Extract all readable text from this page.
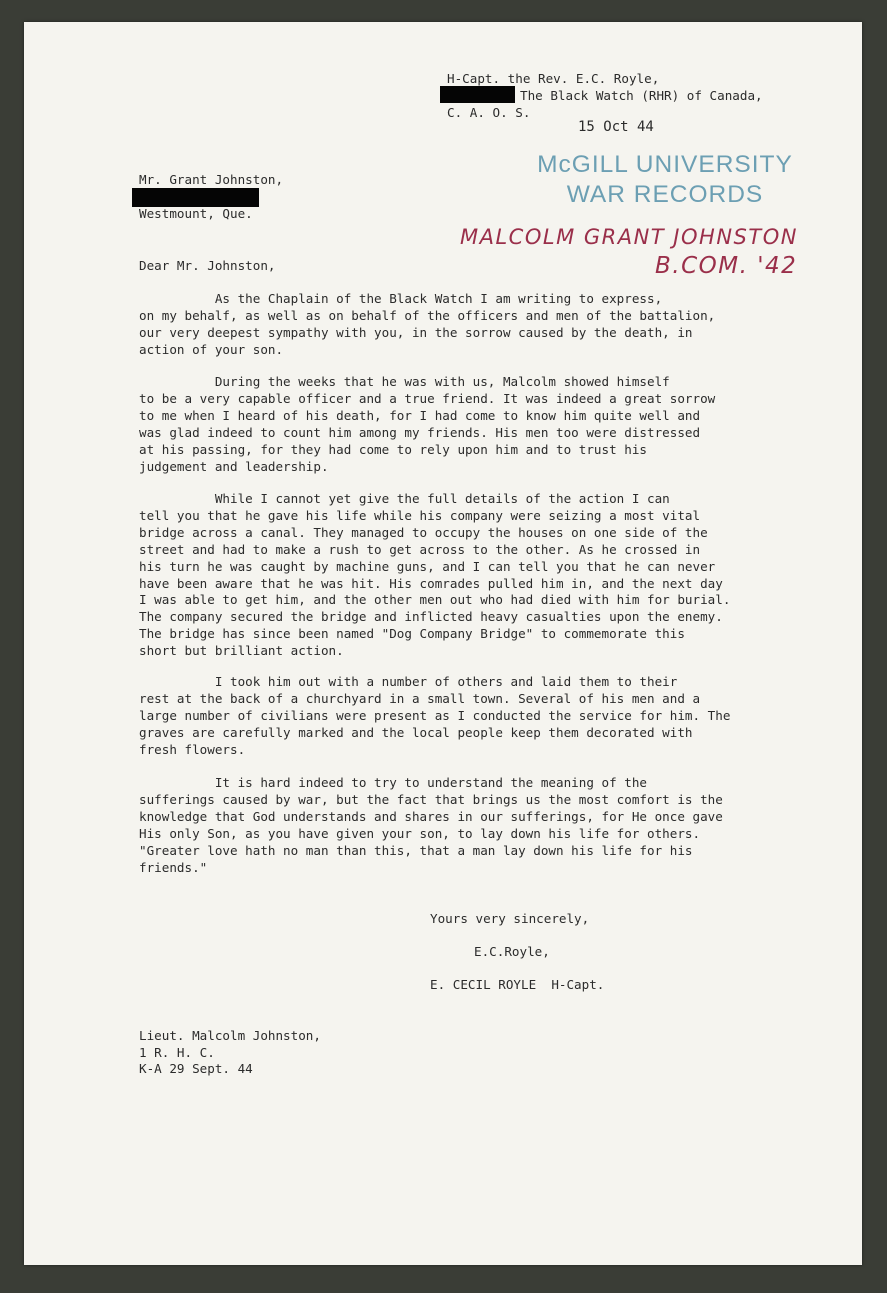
H-Capt. the Rev. E.C. Royle,
The Black Watch (RHR) of Canada,
C. A. O. S.
15 Oct 44
McGILL UNIVERSITY
WAR RECORDS
MALCOLM GRANT JOHNSTON
B.COM. '42
Mr. Grant Johnston,
Westmount, Que.
Dear Mr. Johnston,
As the Chaplain of the Black Watch I am writing to express,
on my behalf, as well as on behalf of the officers and men of the battalion,
our very deepest sympathy with you, in the sorrow caused by the death, in
action of your son.
During the weeks that he was with us, Malcolm showed himself
to be a very capable officer and a true friend. It was indeed a great sorrow
to me when I heard of his death, for I had come to know him quite well and
was glad indeed to count him among my friends. His men too were distressed
at his passing, for they had come to rely upon him and to trust his
judgement and leadership.
While I cannot yet give the full details of the action I can
tell you that he gave his life while his company were seizing a most vital
bridge across a canal. They managed to occupy the houses on one side of the
street and had to make a rush to get across to the other. As he crossed in
his turn he was caught by machine guns, and I can tell you that he can never
have been aware that he was hit. His comrades pulled him in, and the next day
I was able to get him, and the other men out who had died with him for burial.
The company secured the bridge and inflicted heavy casualties upon the enemy.
The bridge has since been named "Dog Company Bridge" to commemorate this
short but brilliant action.
I took him out with a number of others and laid them to their
rest at the back of a churchyard in a small town. Several of his men and a
large number of civilians were present as I conducted the service for him. The
graves are carefully marked and the local people keep them decorated with
fresh flowers.
It is hard indeed to try to understand the meaning of the
sufferings caused by war, but the fact that brings us the most comfort is the
knowledge that God understands and shares in our sufferings, for He once gave
His only Son, as you have given your son, to lay down his life for others.
"Greater love hath no man than this, that a man lay down his life for his
friends."
Yours very sincerely,
E.C.Royle,
E. CECIL ROYLE  H-Capt.
Lieut. Malcolm Johnston,
1 R. H. C.
K-A 29 Sept. 44
